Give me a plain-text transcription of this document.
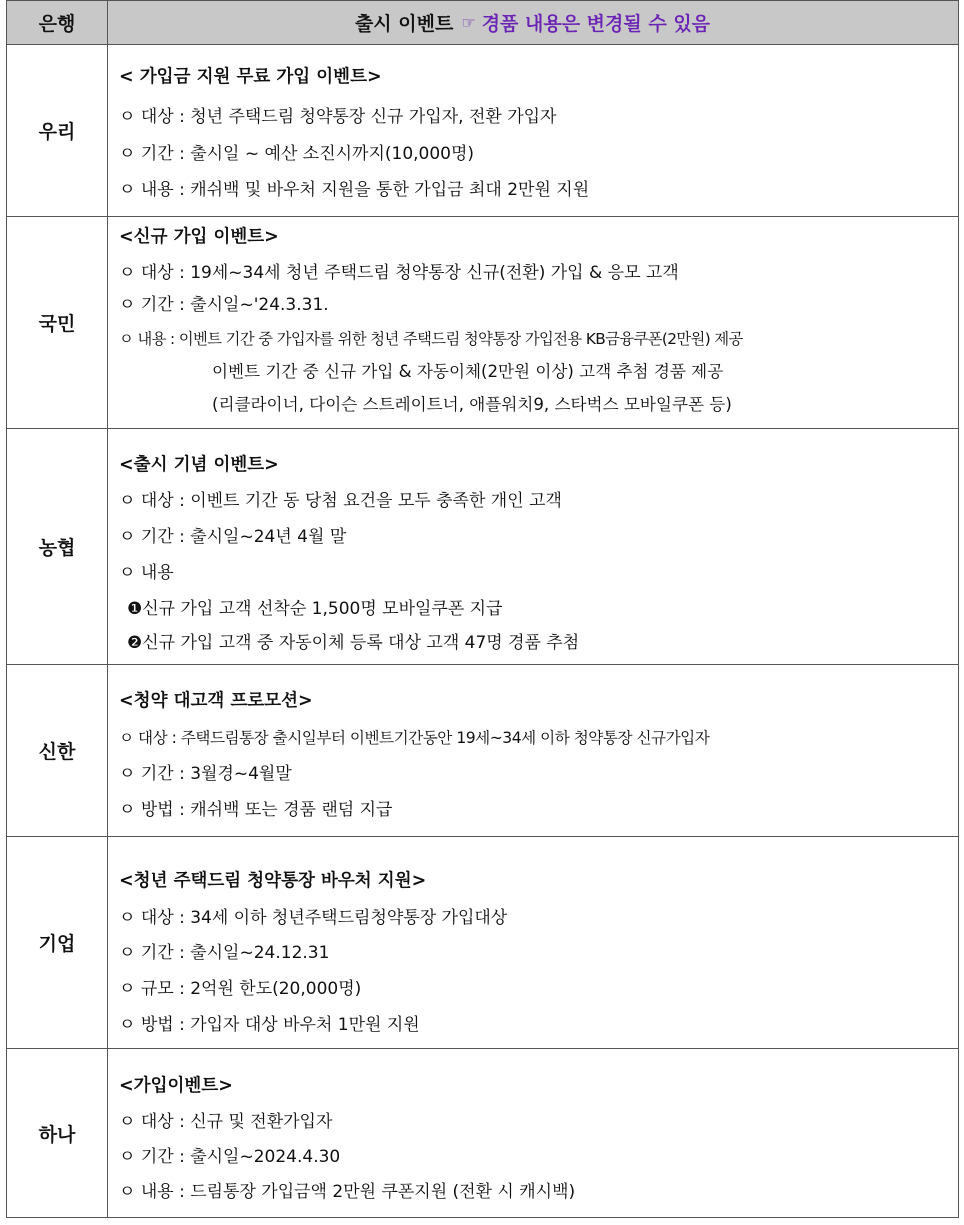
은행	출시 이벤트 ☞ 경품 내용은 변경될 수 있음
우리
< 가입금 지원 무료 가입 이벤트>
ㅇ 대상 : 청년 주택드림 청약통장 신규 가입자, 전환 가입자
ㅇ 기간 : 출시일 ~ 예산 소진시까지(10,000명)
ㅇ 내용 : 캐쉬백 및 바우처 지원을 통한 가입금 최대 2만원 지원
국민
<신규 가입 이벤트>
ㅇ 대상 : 19세~34세 청년 주택드림 청약통장 신규(전환) 가입 & 응모 고객
ㅇ 기간 : 출시일~'24.3.31.
ㅇ 내용 : 이벤트 기간 중 가입자를 위한 청년 주택드림 청약통장 가입전용 KB금융쿠폰(2만원) 제공
이벤트 기간 중 신규 가입 & 자동이체(2만원 이상) 고객 추첨 경품 제공
(리클라이너, 다이슨 스트레이트너, 애플워치9, 스타벅스 모바일쿠폰 등)
농협
<출시 기념 이벤트>
ㅇ 대상 : 이벤트 기간 동 당첨 요건을 모두 충족한 개인 고객
ㅇ 기간 : 출시일~24년 4월 말
ㅇ 내용
❶신규 가입 고객 선착순 1,500명 모바일쿠폰 지급
❷신규 가입 고객 중 자동이체 등록 대상 고객 47명 경품 추첨
신한
<청약 대고객 프로모션>
ㅇ 대상 : 주택드림통장 출시일부터 이벤트기간동안 19세~34세 이하 청약통장 신규가입자
ㅇ 기간 : 3월경~4월말
ㅇ 방법 : 캐쉬백 또는 경품 랜덤 지급
기업
<청년 주택드림 청약통장 바우처 지원>
ㅇ 대상 : 34세 이하 청년주택드림청약통장 가입대상
ㅇ 기간 : 출시일~24.12.31
ㅇ 규모 : 2억원 한도(20,000명)
ㅇ 방법 : 가입자 대상 바우처 1만원 지원
하나
<가입이벤트>
ㅇ 대상 : 신규 및 전환가입자
ㅇ 기간 : 출시일~2024.4.30
ㅇ 내용 : 드림통장 가입금액 2만원 쿠폰지원 (전환 시 캐시백)
